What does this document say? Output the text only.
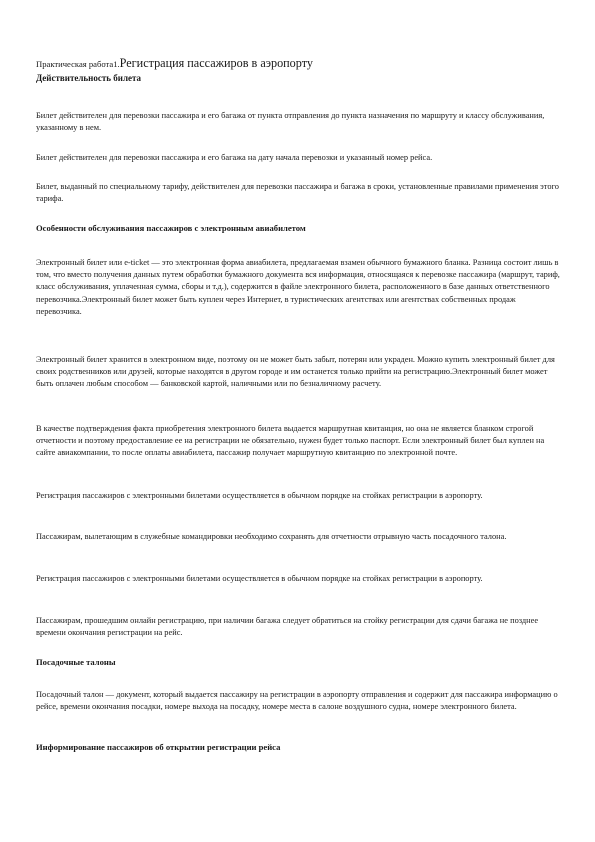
Практическая работа1.Регистрация пассажиров в аэропорту
Действительность билета

Билет действителен для перевозки пассажира и его багажа от пункта отправления до пункта назначения по маршруту и классу обслуживания, указанному в нем.

Билет действителен для перевозки пассажира и его багажа на дату начала перевозки и указанный номер рейса.

Билет, выданный по специальному тарифу, действителен для перевозки пассажира и багажа в сроки, установленные правилами применения этого тарифа.

Особенности обслуживания пассажиров с электронным авиабилетом

Электронный билет или e-ticket — это электронная форма авиабилета, предлагаемая взамен обычного бумажного бланка. Разница состоит лишь в том, что вместо получения данных путем обработки бумажного документа вся информация, относящаяся к перевозке пассажира (маршрут, тариф, класс обслуживания, уплаченная сумма, сборы и т.д.), содержится в файле электронного билета, расположенного в базе данных ответственного перевозчика.Электронный билет может быть куплен через Интернет, в туристических агентствах или агентствах собственных продаж перевозчика.

Электронный билет хранится в электронном виде, поэтому он не может быть забыт, потерян или украден. Можно купить электронный билет для своих родственников или друзей, которые находятся в другом городе и им останется только прийти на регистрацию.Электронный билет может быть оплачен любым способом — банковской картой, наличными или по безналичному расчету.

В качестве подтверждения факта приобретения электронного билета выдается маршрутная квитанция, но она не является бланком строгой отчетности и поэтому предоставление ее на регистрации не обязательно, нужен будет только паспорт. Если электронный билет был куплен на сайте авиакомпании, то после оплаты авиабилета, пассажир получает маршрутную квитанцию по электронной почте.

Регистрация пассажиров с электронными билетами осуществляется в обычном порядке на стойках регистрации в аэропорту.

Пассажирам, вылетающим в служебные командировки необходимо сохранять для отчетности отрывную часть посадочного талона.

Регистрация пассажиров с электронными билетами осуществляется в обычном порядке на стойках регистрации в аэропорту.

Пассажирам, прошедшим онлайн регистрацию, при наличии багажа следует обратиться на стойку регистрации для сдачи багажа не позднее времени окончания регистрации на рейс.

Посадочные талоны

Посадочный талон — документ, который выдается пассажиру на регистрации в аэропорту отправления и содержит для пассажира информацию о рейсе, времени окончания посадки, номере выхода на посадку, номере места в салоне воздушного судна, номере электронного билета.

Информирование пассажиров об открытии регистрации рейса
